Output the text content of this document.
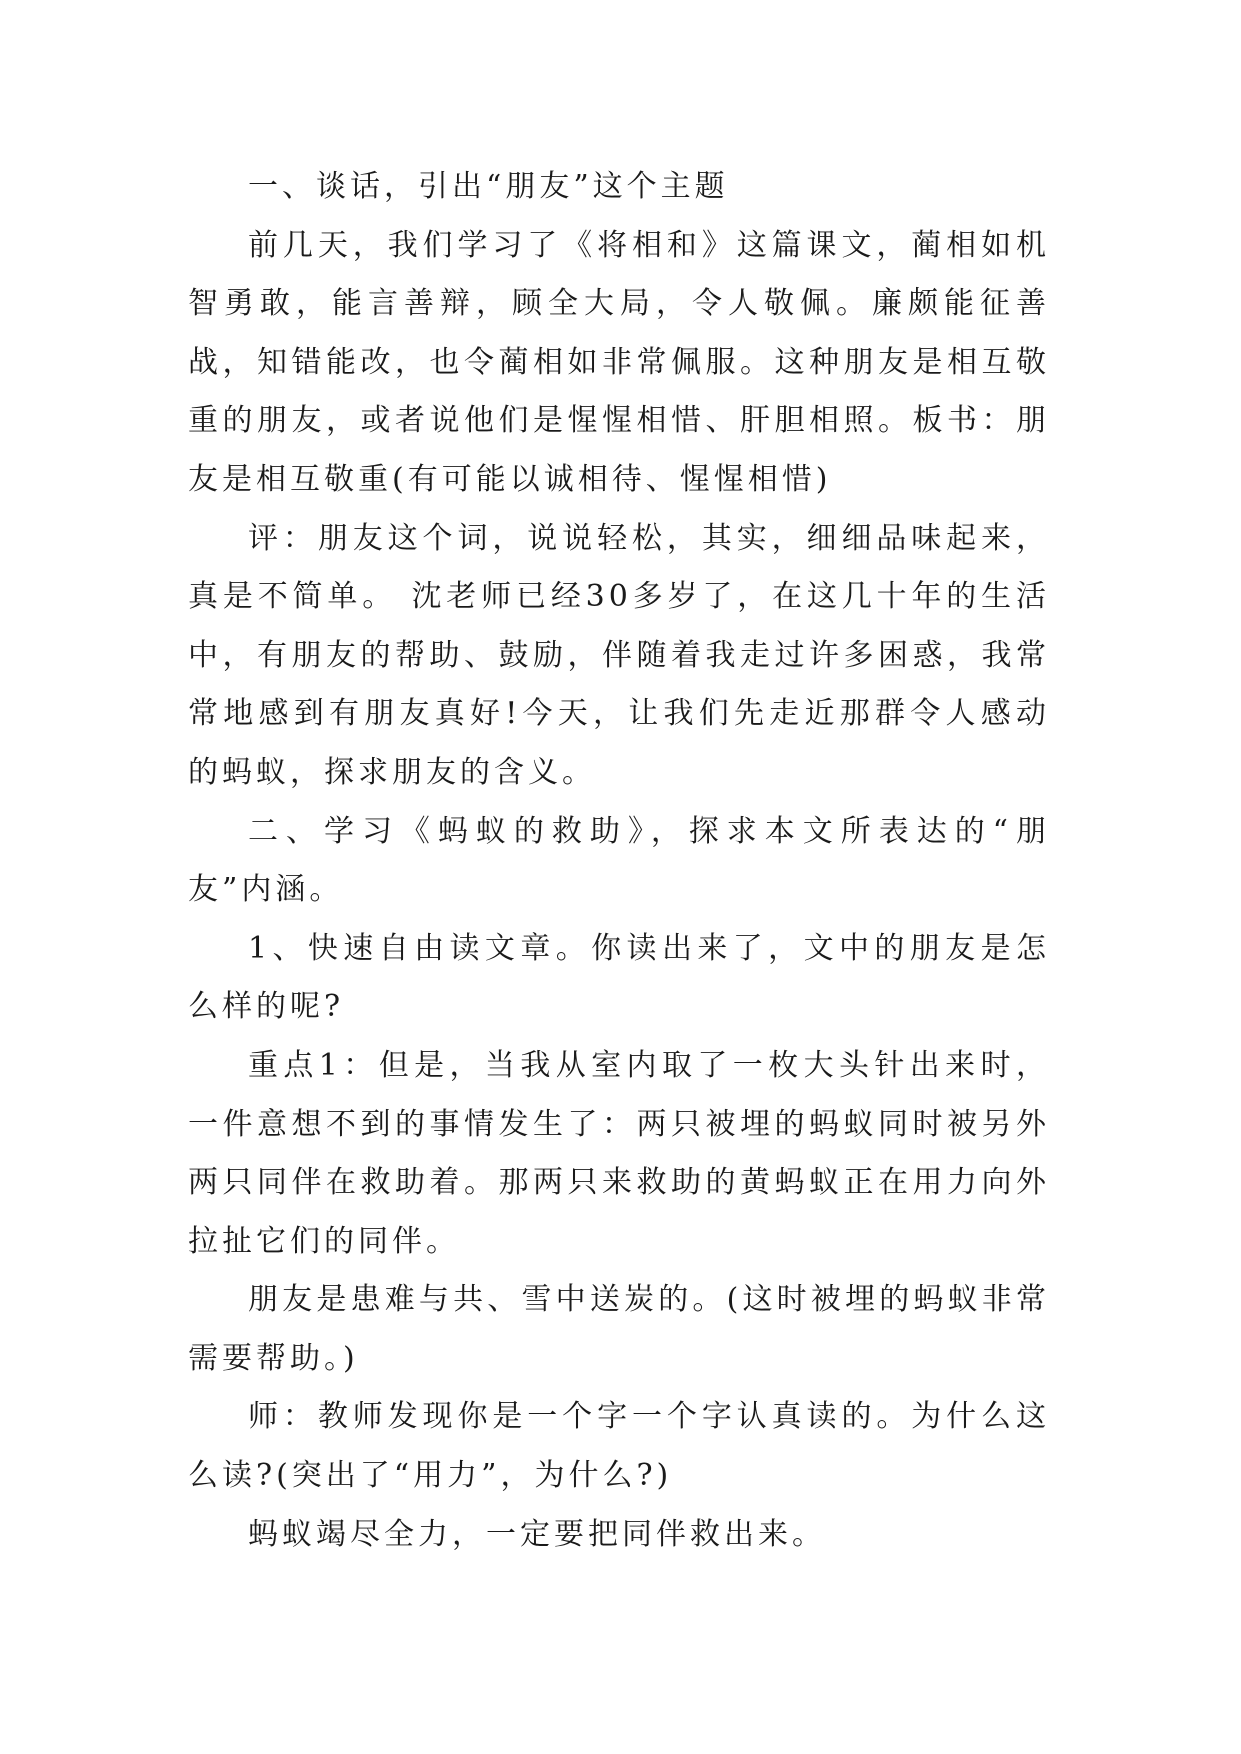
一、谈话，引出“朋友”这个主题

前几天，我们学习了《将相和》这篇课文，蔺相如机智勇敢，能言善辩，顾全大局，令人敬佩。廉颇能征善战，知错能改，也令蔺相如非常佩服。这种朋友是相互敬重的朋友，或者说他们是惺惺相惜、肝胆相照。板书：朋友是相互敬重(有可能以诚相待、惺惺相惜)

评：朋友这个词，说说轻松，其实，细细品味起来，真是不简单。 沈老师已经30多岁了，在这几十年的生活中，有朋友的帮助、鼓励，伴随着我走过许多困惑，我常常地感到有朋友真好!今天，让我们先走近那群令人感动的蚂蚁，探求朋友的含义。

二、学习《蚂蚁的救助》，探求本文所表达的“朋友”内涵。

1、快速自由读文章。你读出来了，文中的朋友是怎么样的呢?

重点1：但是，当我从室内取了一枚大头针出来时，一件意想不到的事情发生了：两只被埋的蚂蚁同时被另外两只同伴在救助着。那两只来救助的黄蚂蚁正在用力向外拉扯它们的同伴。

朋友是患难与共、雪中送炭的。(这时被埋的蚂蚁非常需要帮助。)

师：教师发现你是一个字一个字认真读的。为什么这么读?(突出了“用力”，为什么?)

蚂蚁竭尽全力，一定要把同伴救出来。
